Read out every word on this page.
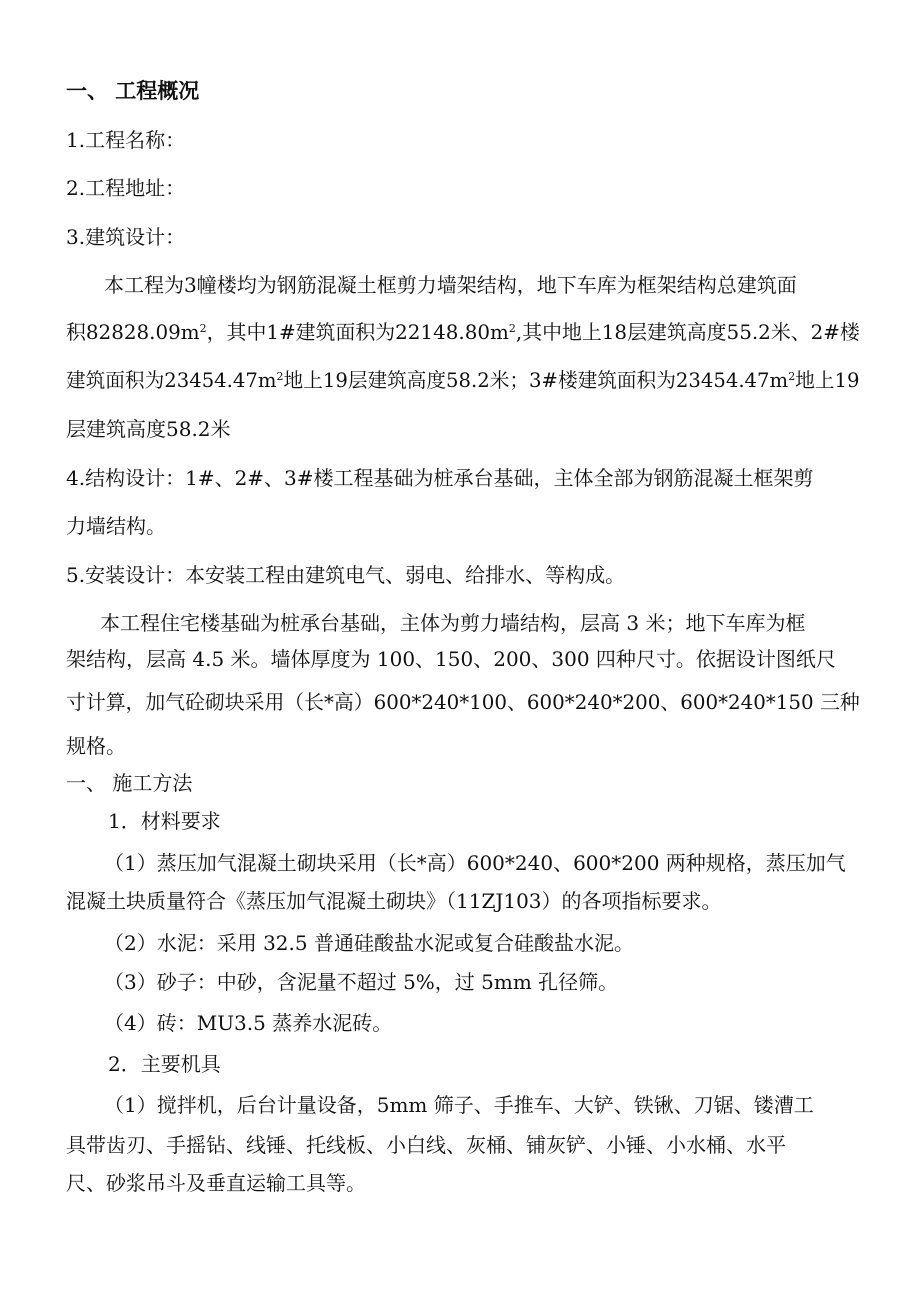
一、 工程概况
1.工程名称：
2.工程地址：
3.建筑设计：
本工程为3幢楼均为钢筋混凝土框剪力墙架结构，地下车库为框架结构总建筑面
积$82828.09m^2$，其中1#建筑面积为$22148.80m^2$,其中地上18层建筑高度55.2米、2#楼
建筑面积为$23454.47m^2$地上19层建筑高度58.2米；3#楼建筑面积为$23454.47m^2$地上19
层建筑高度58.2米
4.结构设计：1#、2#、3#楼工程基础为桩承台基础，主体全部为钢筋混凝土框架剪
力墙结构。
5.安装设计：本安装工程由建筑电气、弱电、给排水、等构成。
本工程住宅楼基础为桩承台基础，主体为剪力墙结构，层高 3 米；地下车库为框
架结构，层高 4.5 米。墙体厚度为 100、150、200、300 四种尺寸。依据设计图纸尺
寸计算，加气砼砌块采用（长*高）600*240*100、600*240*200、600*240*150 三种
规格。
一、 施工方法
1．材料要求
（1）蒸压加气混凝土砌块采用（长*高）600*240、600*200 两种规格，蒸压加气
混凝土块质量符合《蒸压加气混凝土砌块》（11ZJ103）的各项指标要求。
（2）水泥：采用 32.5 普通硅酸盐水泥或复合硅酸盐水泥。
（3）砂子：中砂，含泥量不超过 5%，过 5mm 孔径筛。
（4）砖：MU3.5 蒸养水泥砖。
2．主要机具
（1）搅拌机，后台计量设备，5mm 筛子、手推车、大铲、铁锹、刀锯、镂漕工
具带齿刃、手摇钻、线锤、托线板、小白线、灰桶、铺灰铲、小锤、小水桶、水平
尺、砂浆吊斗及垂直运输工具等。
